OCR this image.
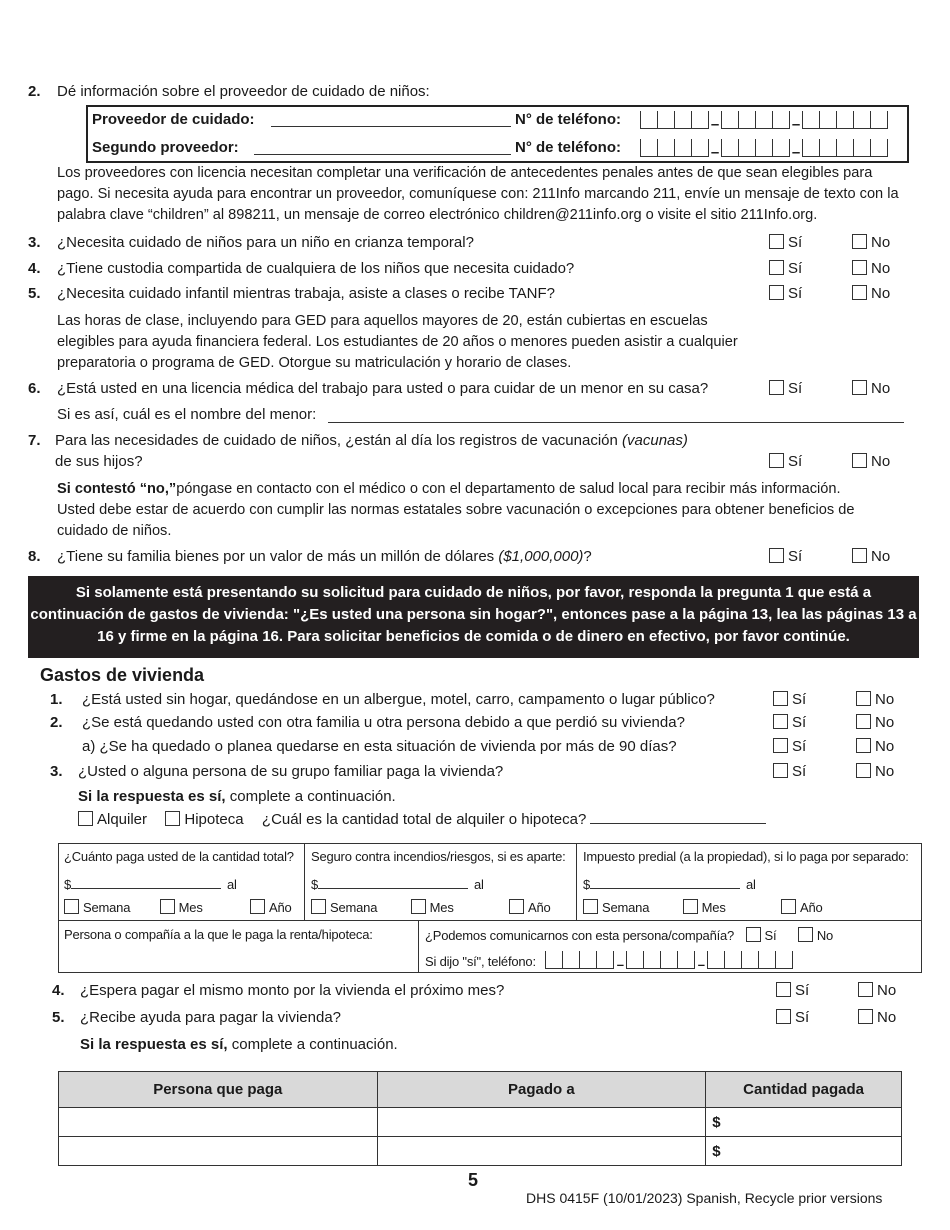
2. Dé información sobre el proveedor de cuidado de niños:
Proveedor de cuidado:	N° de teléfono:	–	–
Segundo proveedor:	N° de teléfono:	–	–
Los proveedores con licencia necesitan completar una verificación de antecedentes penales antes de que sean elegibles para pago. Si necesita ayuda para encontrar un proveedor, comuníquese con: 211Info marcando 211, envíe un mensaje de texto con la palabra clave “children” al 898211, un mensaje de correo electrónico children@211info.org o visite el sitio 211Info.org.
3. ¿Necesita cuidado de niños para un niño en crianza temporal?	Sí	No
4. ¿Tiene custodia compartida de cualquiera de los niños que necesita cuidado?	Sí	No
5. ¿Necesita cuidado infantil mientras trabaja, asiste a clases o recibe TANF?	Sí	No
Las horas de clase, incluyendo para GED para aquellos mayores de 20, están cubiertas en escuelas elegibles para ayuda financiera federal. Los estudiantes de 20 años o menores pueden asistir a cualquier preparatoria o programa de GED. Otorgue su matriculación y horario de clases.
6. ¿Está usted en una licencia médica del trabajo para usted o para cuidar de un menor en su casa?	Sí	No
Si es así, cuál es el nombre del menor:
7. Para las necesidades de cuidado de niños, ¿están al día los registros de vacunación (vacunas)
de sus hijos?	Sí	No
Si contestó “no,”póngase en contacto con el médico o con el departamento de salud local para recibir más información. Usted debe estar de acuerdo con cumplir las normas estatales sobre vacunación o excepciones para obtener beneficios de cuidado de niños.
8. ¿Tiene su familia bienes por un valor de más un millón de dólares ($1,000,000)?	Sí	No
Si solamente está presentando su solicitud para cuidado de niños, por favor, responda la pregunta 1 que está a continuación de gastos de vivienda: "¿Es usted una persona sin hogar?", entonces pase a la página 13, lea las páginas 13 a 16 y firme en la página 16. Para solicitar beneficios de comida o de dinero en efectivo, por favor continúe.
Gastos de vivienda
1. ¿Está usted sin hogar, quedándose en un albergue, motel, carro, campamento o lugar público?	Sí	No
2. ¿Se está quedando usted con otra familia u otra persona debido a que perdió su vivienda?	Sí	No
a) ¿Se ha quedado o planea quedarse en esta situación de vivienda por más de 90 días?	Sí	No
3. ¿Usted o alguna persona de su grupo familiar paga la vivienda?	Sí	No
Si la respuesta es sí, complete a continuación.
Alquiler Hipoteca ¿Cuál es la cantidad total de alquiler o hipoteca?
¿Cuánto paga usted de la cantidad total?
$	al
Semana	Mes	Año
Seguro contra incendios/riesgos, si es aparte:
$	al
Semana	Mes	Año
Impuesto predial (a la propiedad), si lo paga por separado:
$	al
Semana	Mes	Año
Persona o compañía a la que le paga la renta/hipoteca:	¿Podemos comunicarnos con esta persona/compañía? Sí	No
Si dijo "sí", teléfono:	–	–
4. ¿Espera pagar el mismo monto por la vivienda el próximo mes?	Sí	No
5. ¿Recibe ayuda para pagar la vivienda?	Sí	No
Si la respuesta es sí, complete a continuación.
Persona que paga	Pagado a	Cantidad pagada
		$
		$
5
DHS 0415F (10/01/2023) Spanish, Recycle prior versions
